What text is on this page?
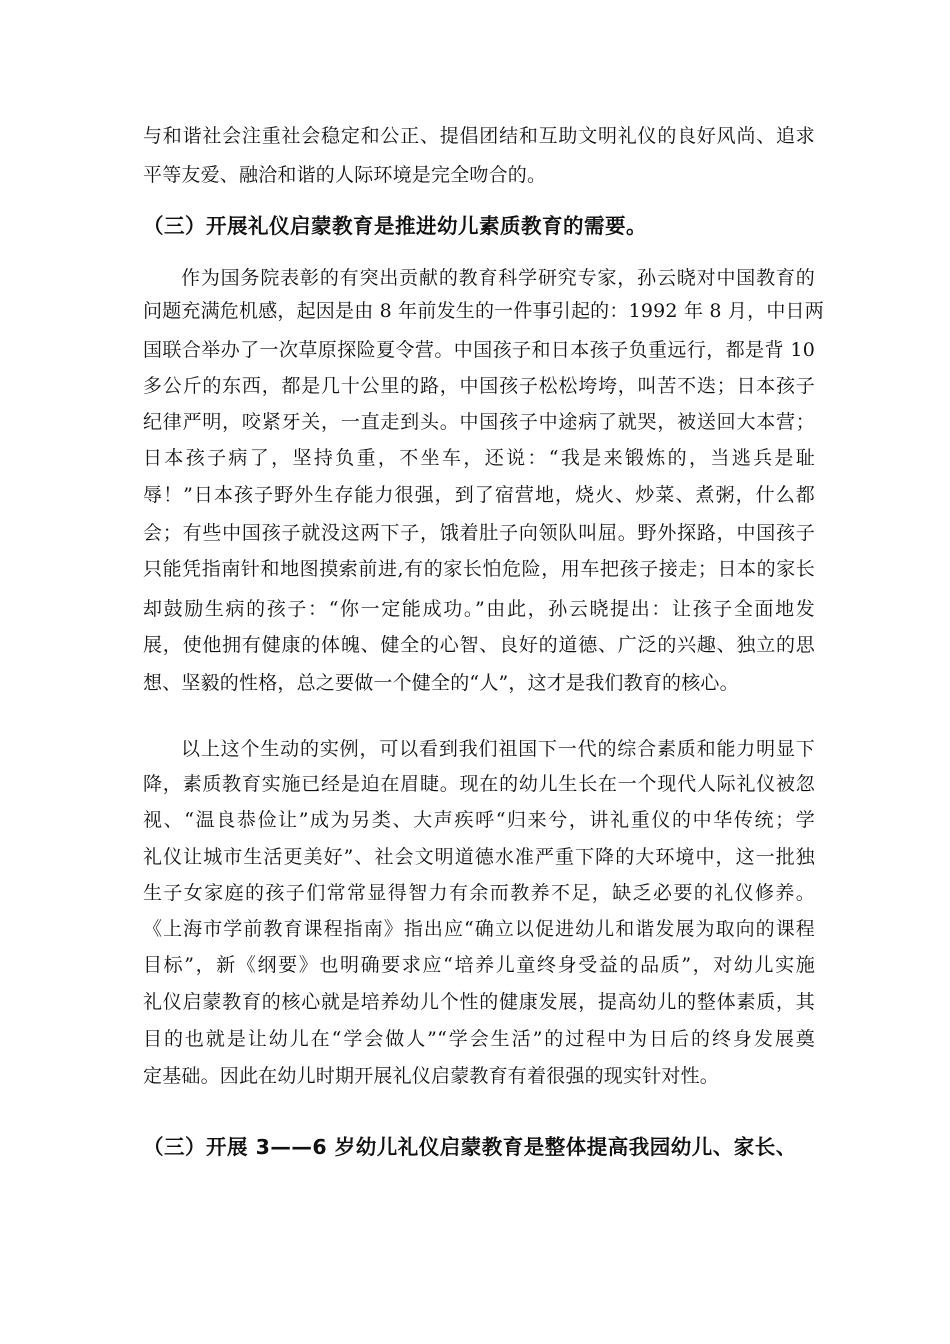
与和谐社会注重社会稳定和公正、提倡团结和互助文明礼仪的良好风尚、追求
平等友爱、融洽和谐的人际环境是完全吻合的。
（三）开展礼仪启蒙教育是推进幼儿素质教育的需要。
作为国务院表彰的有突出贡献的教育科学研究专家，孙云晓对中国教育的
问题充满危机感，起因是由 8 年前发生的一件事引起的：1992 年 8 月，中日两
国联合举办了一次草原探险夏令营。中国孩子和日本孩子负重远行，都是背 10
多公斤的东西，都是几十公里的路，中国孩子松松垮垮，叫苦不迭；日本孩子
纪律严明，咬紧牙关，一直走到头。中国孩子中途病了就哭，被送回大本营；
日本孩子病了，坚持负重，不坐车，还说：“我是来锻炼的，当逃兵是耻
辱！”日本孩子野外生存能力很强，到了宿营地，烧火、炒菜、煮粥，什么都
会；有些中国孩子就没这两下子，饿着肚子向领队叫屈。野外探路，中国孩子
只能凭指南针和地图摸索前进,有的家长怕危险，用车把孩子接走；日本的家长
却鼓励生病的孩子：“你一定能成功。”由此，孙云晓提出：让孩子全面地发
展，使他拥有健康的体魄、健全的心智、良好的道德、广泛的兴趣、独立的思
想、坚毅的性格，总之要做一个健全的“人”，这才是我们教育的核心。
以上这个生动的实例，可以看到我们祖国下一代的综合素质和能力明显下
降，素质教育实施已经是迫在眉睫。现在的幼儿生长在一个现代人际礼仪被忽
视、“温良恭俭让”成为另类、大声疾呼“归来兮，讲礼重仪的中华传统；学
礼仪让城市生活更美好”、社会文明道德水准严重下降的大环境中，这一批独
生子女家庭的孩子们常常显得智力有余而教养不足，缺乏必要的礼仪修养。
《上海市学前教育课程指南》指出应“确立以促进幼儿和谐发展为取向的课程
目标”，新《纲要》也明确要求应“培养儿童终身受益的品质”，对幼儿实施
礼仪启蒙教育的核心就是培养幼儿个性的健康发展，提高幼儿的整体素质，其
目的也就是让幼儿在“学会做人”“学会生活”的过程中为日后的终身发展奠
定基础。因此在幼儿时期开展礼仪启蒙教育有着很强的现实针对性。
（三）开展 3——6 岁幼儿礼仪启蒙教育是整体提高我园幼儿、家长、
